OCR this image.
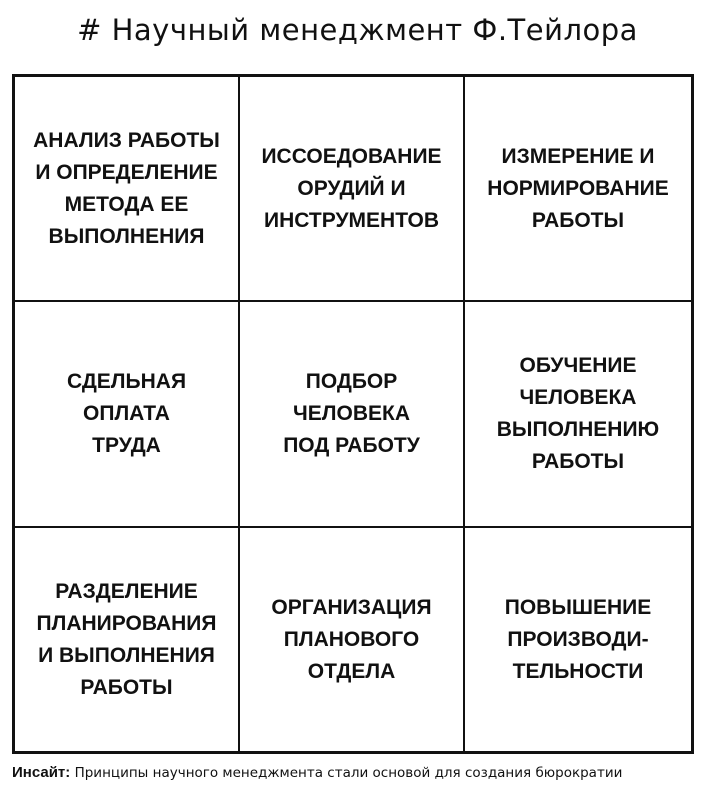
# Научный менеджмент Ф.Тейлора
АНАЛИЗ РАБОТЫ
И ОПРЕДЕЛЕНИЕ
МЕТОДА ЕЕ
ВЫПОЛНЕНИЯ
ИССОЕДОВАНИЕ
ОРУДИЙ И
ИНСТРУМЕНТОВ
ИЗМЕРЕНИЕ И
НОРМИРОВАНИЕ
РАБОТЫ
СДЕЛЬНАЯ
ОПЛАТА
ТРУДА
ПОДБОР
ЧЕЛОВЕКА
ПОД РАБОТУ
ОБУЧЕНИЕ
ЧЕЛОВЕКА
ВЫПОЛНЕНИЮ
РАБОТЫ
РАЗДЕЛЕНИЕ
ПЛАНИРОВАНИЯ
И ВЫПОЛНЕНИЯ
РАБОТЫ
ОРГАНИЗАЦИЯ
ПЛАНОВОГО
ОТДЕЛА
ПОВЫШЕНИЕ
ПРОИЗВОДИ-
ТЕЛЬНОСТИ
Инсайт: Принципы научного менеджмента стали основой для создания бюрократии
